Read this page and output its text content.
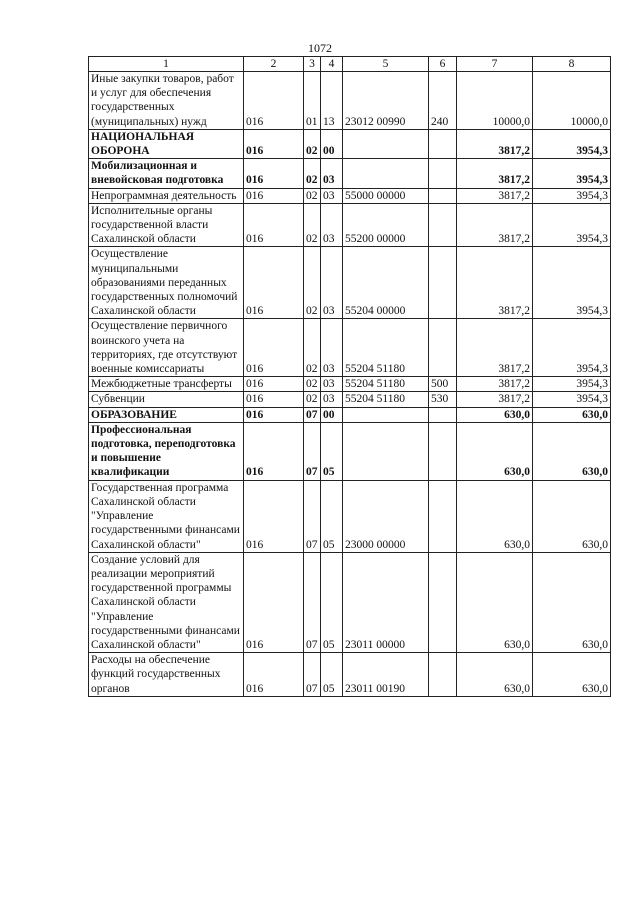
1072
1	2	3	4	5	6	7	8
Иные закупки товаров, работ и услуг для обеспечения государственных (муниципальных) нужд	016	01	13	23012 00990	240	10000,0	10000,0
НАЦИОНАЛЬНАЯ ОБОРОНА	016	02	00			3817,2	3954,3
Мобилизационная и вневойсковая подготовка	016	02	03			3817,2	3954,3
Непрограммная деятельность	016	02	03	55000 00000		3817,2	3954,3
Исполнительные органы государственной власти Сахалинской области	016	02	03	55200 00000		3817,2	3954,3
Осуществление муниципальными образованиями переданных государственных полномочий Сахалинской области	016	02	03	55204 00000		3817,2	3954,3
Осуществление первичного воинского учета на территориях, где отсутствуют военные комиссариаты	016	02	03	55204 51180		3817,2	3954,3
Межбюджетные трансферты	016	02	03	55204 51180	500	3817,2	3954,3
Субвенции	016	02	03	55204 51180	530	3817,2	3954,3
ОБРАЗОВАНИЕ	016	07	00			630,0	630,0
Профессиональная подготовка, переподготовка и повышение квалификации	016	07	05			630,0	630,0
Государственная программа Сахалинской области "Управление государственными финансами Сахалинской области"	016	07	05	23000 00000		630,0	630,0
Создание условий для реализации мероприятий государственной программы Сахалинской области "Управление государственными финансами Сахалинской области"	016	07	05	23011 00000		630,0	630,0
Расходы на обеспечение функций государственных органов	016	07	05	23011 00190		630,0	630,0
